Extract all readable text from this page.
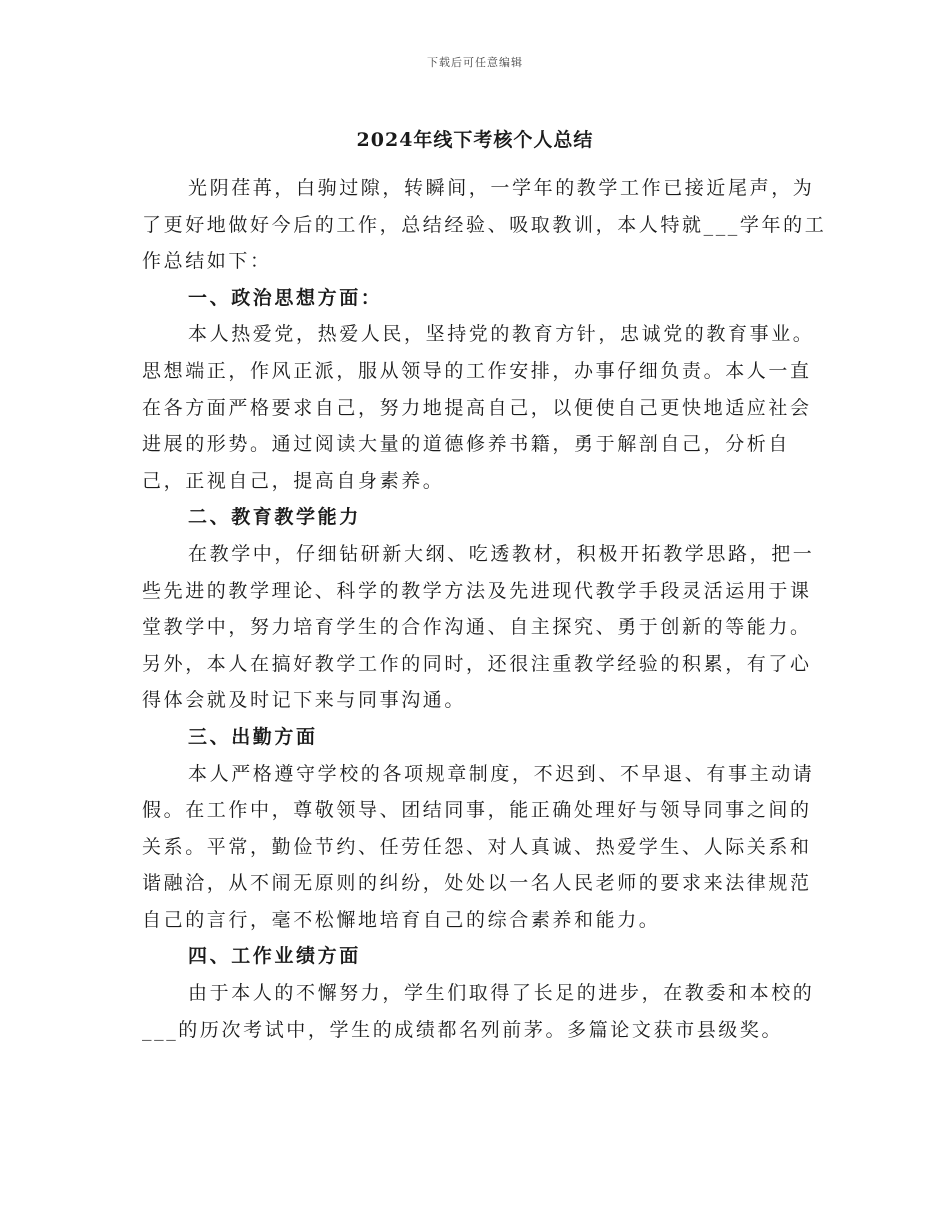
下载后可任意编辑
2024年线下考核个人总结

光阴荏苒，白驹过隙，转瞬间，一学年的教学工作已接近尾声，为了更好地做好今后的工作，总结经验、吸取教训，本人特就___学年的工作总结如下：

一、政治思想方面：

本人热爱党，热爱人民，坚持党的教育方针，忠诚党的教育事业。思想端正，作风正派，服从领导的工作安排，办事仔细负责。本人一直在各方面严格要求自己，努力地提高自己，以便使自己更快地适应社会进展的形势。通过阅读大量的道德修养书籍，勇于解剖自己，分析自己，正视自己，提高自身素养。

二、教育教学能力

在教学中，仔细钻研新大纲、吃透教材，积极开拓教学思路，把一些先进的教学理论、科学的教学方法及先进现代教学手段灵活运用于课堂教学中，努力培育学生的合作沟通、自主探究、勇于创新的等能力。另外，本人在搞好教学工作的同时，还很注重教学经验的积累，有了心得体会就及时记下来与同事沟通。

三、出勤方面

本人严格遵守学校的各项规章制度，不迟到、不早退、有事主动请假。在工作中，尊敬领导、团结同事，能正确处理好与领导同事之间的关系。平常，勤俭节约、任劳任怨、对人真诚、热爱学生、人际关系和谐融洽，从不闹无原则的纠纷，处处以一名人民老师的要求来法律规范自己的言行，毫不松懈地培育自己的综合素养和能力。

四、工作业绩方面

由于本人的不懈努力，学生们取得了长足的进步，在教委和本校的___的历次考试中，学生的成绩都名列前茅。多篇论文获市县级奖。
